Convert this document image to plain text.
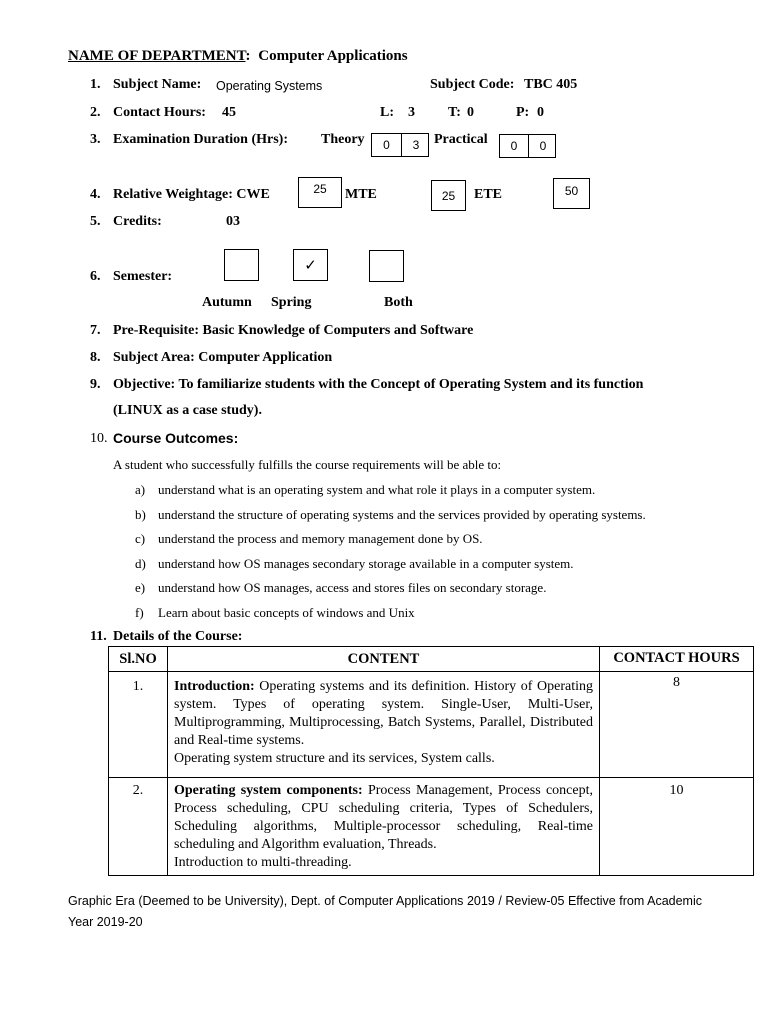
NAME OF DEPARTMENT: Computer Applications
1. Subject Name: Operating Systems	Subject Code: TBC 405
2. Contact Hours: 45	L: 3 T: 0	P: 0
3. Examination Duration (Hrs): Theory	0	3	Practical	0	0
4. Relative Weightage: CWE	25 MTE	25 ETE	50
5. Credits:	03
6. Semester:
✓
Autumn Spring	Both
7. Pre-Requisite: Basic Knowledge of Computers and Software
8. Subject Area: Computer Application
9. Objective: To familiarize students with the Concept of Operating System and its function
(LINUX as a case study).
10. Course Outcomes:
A student who successfully fulfills the course requirements will be able to:
a) understand what is an operating system and what role it plays in a computer system.
b) understand the structure of operating systems and the services provided by operating systems.
c) understand the process and memory management done by OS.
d) understand how OS manages secondary storage available in a computer system.
e) understand how OS manages, access and stores files on secondary storage.
f) Learn about basic concepts of windows and Unix
11. Details of the Course:
Sl.NO	CONTENT	CONTACT HOURS
1.	Introduction: Operating systems and its definition. History of Operating system. Types of operating system. Single-User, Multi-User, Multiprogramming, Multiprocessing, Batch Systems, Parallel, Distributed and Real-time systems.
Operating system structure and its services, System calls.	8
2.	Operating system components: Process Management, Process concept, Process scheduling, CPU scheduling criteria, Types of Schedulers, Scheduling algorithms, Multiple-processor scheduling, Real-time scheduling and Algorithm evaluation, Threads.
Introduction to multi-threading.	10
Graphic Era (Deemed to be University), Dept. of Computer Applications 2019 / Review-05 Effective from Academic Year 2019-20
